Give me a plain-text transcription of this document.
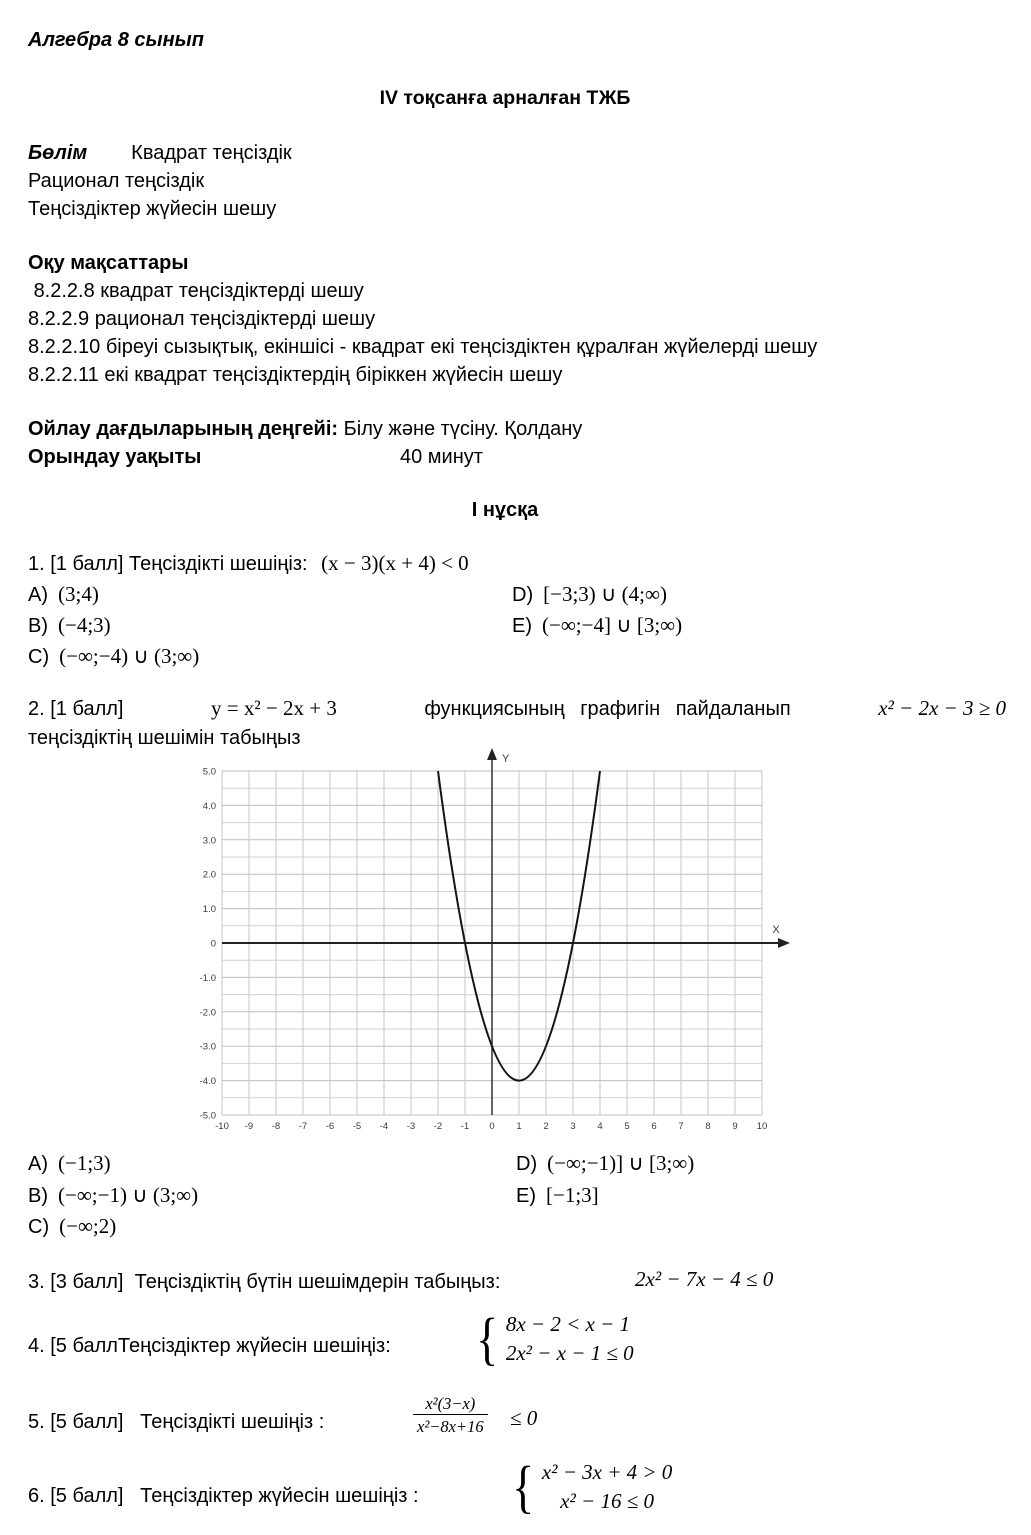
Алгебра 8 сынып
IV тоқсанға арналған ТЖБ
Бөлім Квадрат теңсіздік
Рационал теңсіздік
Теңсіздіктер жүйесін шешу
Оқу мақсаттары
8.2.2.8 квадрат теңсіздіктерді шешу
8.2.2.9 рационал теңсіздіктерді шешу
8.2.2.10 біреуі сызықтық, екіншісі - квадрат екі теңсіздіктен құралған жүйелерді шешу
8.2.2.11 екі квадрат теңсіздіктердің біріккен жүйесін шешу
Ойлау дағдыларының деңгейі: Білу және түсіну. Қолдану
Орындау уақыты	40 минут
І нұсқа
1. [1 балл] Теңсіздікті шешіңіз: (x − 3)(x + 4) < 0
A) (3;4)
B) (−4;3)
C) (−∞;−4) ∪ (3;∞)
D) [−3;3) ∪ (4;∞)
E) (−∞;−4] ∪ [3;∞)
2. [1 балл]	y = x² − 2x + 3	функциясының графигін пайдаланып	x² − 2x − 3 ≥ 0
теңсіздіктің шешімін табыңыз
5.0
4.0
3.0
2.0
1.0
0
-1.0
-2.0
-3.0
-4.0
-5.0
-10 -9 -8 -7 -6 -5 -4 -3 -2 -1 0 1 2 3 4 5 6 7 8 9 10
Y
X
A) (−1;3)
B) (−∞;−1) ∪ (3;∞)
C) (−∞;2)
D) (−∞;−1)] ∪ [3;∞)
E) [−1;3]
3. [3 балл]  Теңсіздіктің бүтін шешімдерін табыңыз:	2x² − 7x − 4 ≤ 0
4. [5 баллТеңсіздіктер жүйесін шешіңіз: { 8x − 2 < x − 1
2x² − x − 1 ≤ 0
5. [5 балл]   Теңсіздікті шешіңіз :	$\frac{\text{x²(3−x)}}{\text{x²−8x+16}} \le 0$
6. [5 балл]   Теңсіздіктер жүйесін шешіңіз : { x² − 3x + 4 > 0
x² − 16 ≤ 0
